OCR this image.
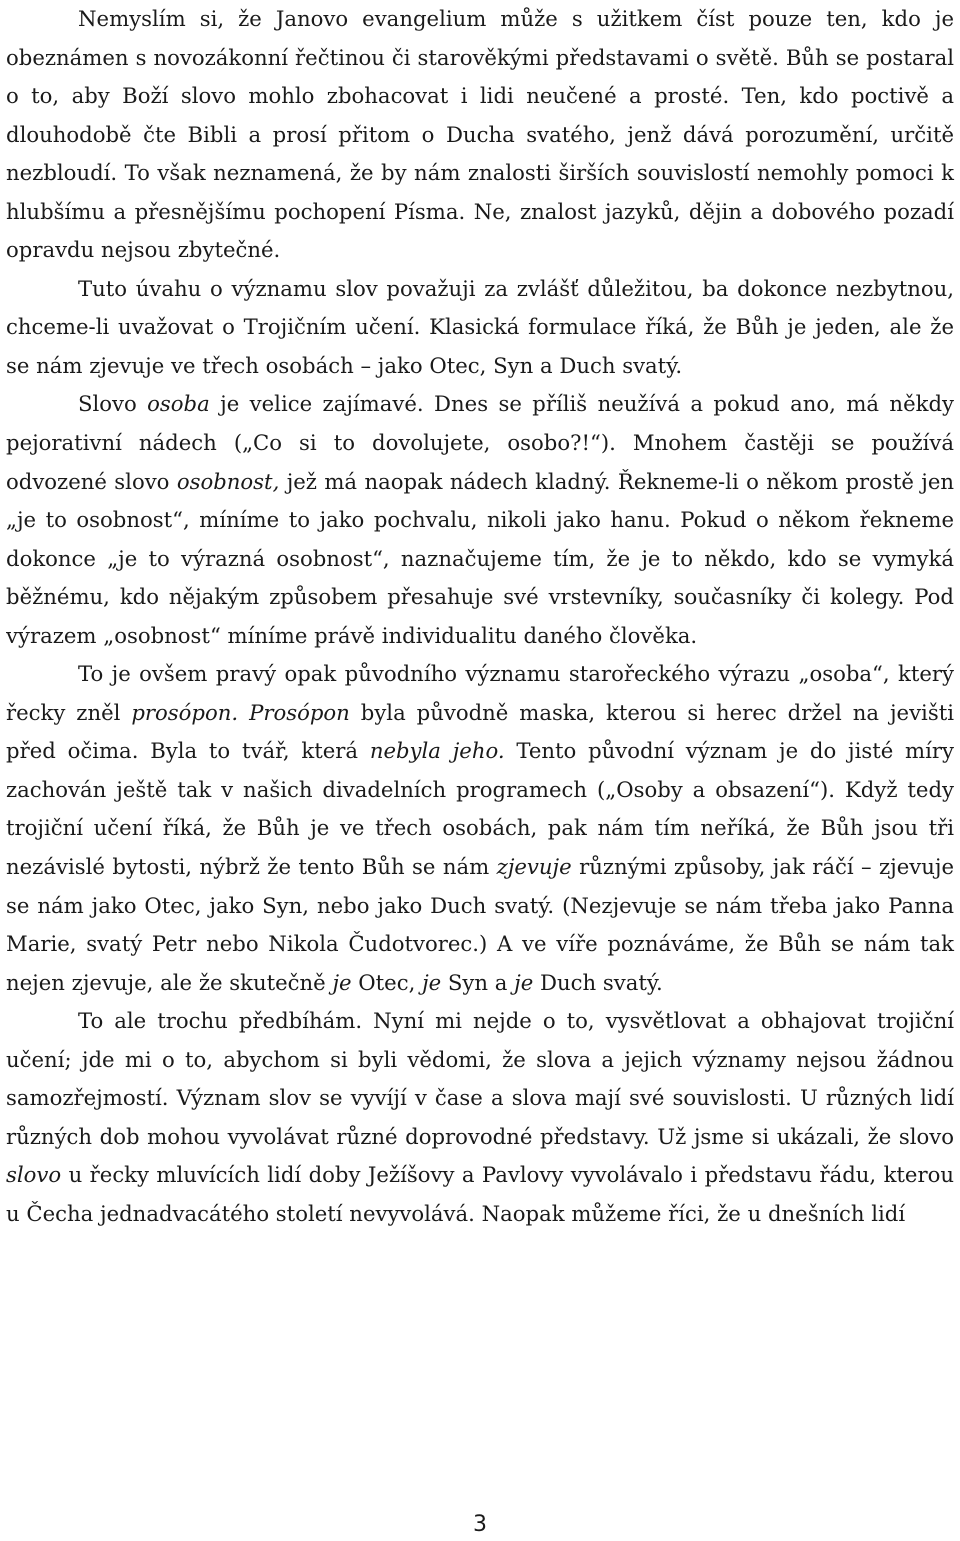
Nemyslím si, že Janovo evangelium může s užitkem číst pouze ten, kdo je obeznámen s novozákonní řečtinou či starověkými představami o světě. Bůh se postaral o to, aby Boží slovo mohlo zbohacovat i lidi neučené a prosté. Ten, kdo poctivě a dlouhodobě čte Bibli a prosí přitom o Ducha svatého, jenž dává porozumění, určitě nezbloudí. To však neznamená, že by nám znalosti širších souvislostí nemohly pomoci k hlubšímu a přesnějšímu pochopení Písma. Ne, znalost jazyků, dějin a dobového pozadí opravdu nejsou zbytečné.

Tuto úvahu o významu slov považuji za zvlášť důležitou, ba dokonce nezbytnou, chceme-li uvažovat o Trojičním učení. Klasická formulace říká, že Bůh je jeden, ale že se nám zjevuje ve třech osobách – jako Otec, Syn a Duch svatý.

Slovo osoba je velice zajímavé. Dnes se příliš neužívá a pokud ano, má někdy pejorativní nádech („Co si to dovolujete, osobo?!“). Mnohem častěji se používá odvozené slovo osobnost, jež má naopak nádech kladný. Řekneme-li o někom prostě jen „je to osobnost“, míníme to jako pochvalu, nikoli jako hanu. Pokud o někom řekneme dokonce „je to výrazná osobnost“, naznačujeme tím, že je to někdo, kdo se vymyká běžnému, kdo nějakým způsobem přesahuje své vrstevníky, současníky či kolegy. Pod výrazem „osobnost“ míníme právě individualitu daného člověka.

To je ovšem pravý opak původního významu starořeckého výrazu „osoba“, který řecky zněl prosópon. Prosópon byla původně maska, kterou si herec držel na jevišti před očima. Byla to tvář, která nebyla jeho. Tento původní význam je do jisté míry zachován ještě tak v našich divadelních programech („Osoby a obsazení“). Když tedy trojiční učení říká, že Bůh je ve třech osobách, pak nám tím neříká, že Bůh jsou tři nezávislé bytosti, nýbrž že tento Bůh se nám zjevuje různými způsoby, jak ráčí – zjevuje se nám jako Otec, jako Syn, nebo jako Duch svatý. (Nezjevuje se nám třeba jako Panna Marie, svatý Petr nebo Nikola Čudotvorec.) A ve víře poznáváme, že Bůh se nám tak nejen zjevuje, ale že skutečně je Otec, je Syn a je Duch svatý.

To ale trochu předbíhám. Nyní mi nejde o to, vysvětlovat a obhajovat trojiční učení; jde mi o to, abychom si byli vědomi, že slova a jejich významy nejsou žádnou samozřejmostí. Význam slov se vyvíjí v čase a slova mají své souvislosti. U různých lidí různých dob mohou vyvolávat různé doprovodné představy. Už jsme si ukázali, že slovo slovo u řecky mluvících lidí doby Ježíšovy a Pavlovy vyvolávalo i představu řádu, kterou u Čecha jednadvacátého století nevyvolává. Naopak můžeme říci, že u dnešních lidí

3
